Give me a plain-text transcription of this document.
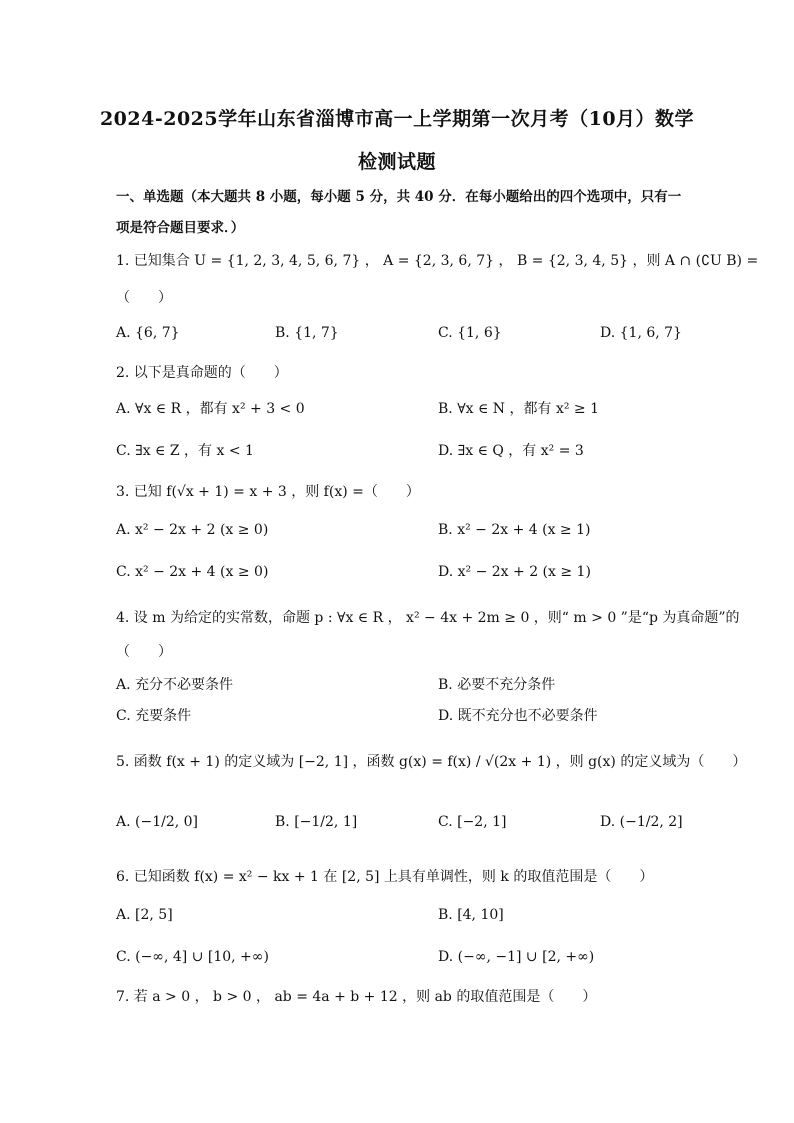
2024-2025学年山东省淄博市高一上学期第一次月考（10月）数学
检测试题
一、单选题（本大题共 8 小题，每小题 5 分，共 40 分．在每小题给出的四个选项中，只有一
项是符合题目要求．）
1. 已知集合 U = {1, 2, 3, 4, 5, 6, 7} ， A = {2, 3, 6, 7} ， B = {2, 3, 4, 5} ，则 A ∩ (∁U B) =
（　　）
A. {6, 7}	B. {1, 7}	C. {1, 6}	D. {1, 6, 7}
2. 以下是真命题的（　　）
A. ∀x ∈ R ，都有 x² + 3 < 0	B. ∀x ∈ N ，都有 x² ≥ 1
C. ∃x ∈ Z ，有 x < 1	D. ∃x ∈ Q ，有 x² = 3
3. 已知 f(√x + 1) = x + 3 ，则 f(x) =（　　）
A. x² − 2x + 2 (x ≥ 0)	B. x² − 2x + 4 (x ≥ 1)
C. x² − 2x + 4 (x ≥ 0)	D. x² − 2x + 2 (x ≥ 1)
4. 设 m 为给定的实常数，命题 p : ∀x ∈ R ， x² − 4x + 2m ≥ 0 ，则“ m > 0 ”是“p 为真命题”的
（　　）
A. 充分不必要条件	B. 必要不充分条件
C. 充要条件	D. 既不充分也不必要条件
5. 函数 f(x + 1) 的定义域为 [−2, 1] ，函数 g(x) = f(x) / √(2x + 1) ，则 g(x) 的定义域为（　　）
A. (−1/2, 0]	B. [−1/2, 1]	C. [−2, 1]	D. (−1/2, 2]
6. 已知函数 f(x) = x² − kx + 1 在 [2, 5] 上具有单调性，则 k 的取值范围是（　　）
A. [2, 5]	B. [4, 10]
C. (−∞, 4] ∪ [10, +∞)	D. (−∞, −1] ∪ [2, +∞)
7. 若 a > 0 ， b > 0 ， ab = 4a + b + 12 ，则 ab 的取值范围是（　　）
